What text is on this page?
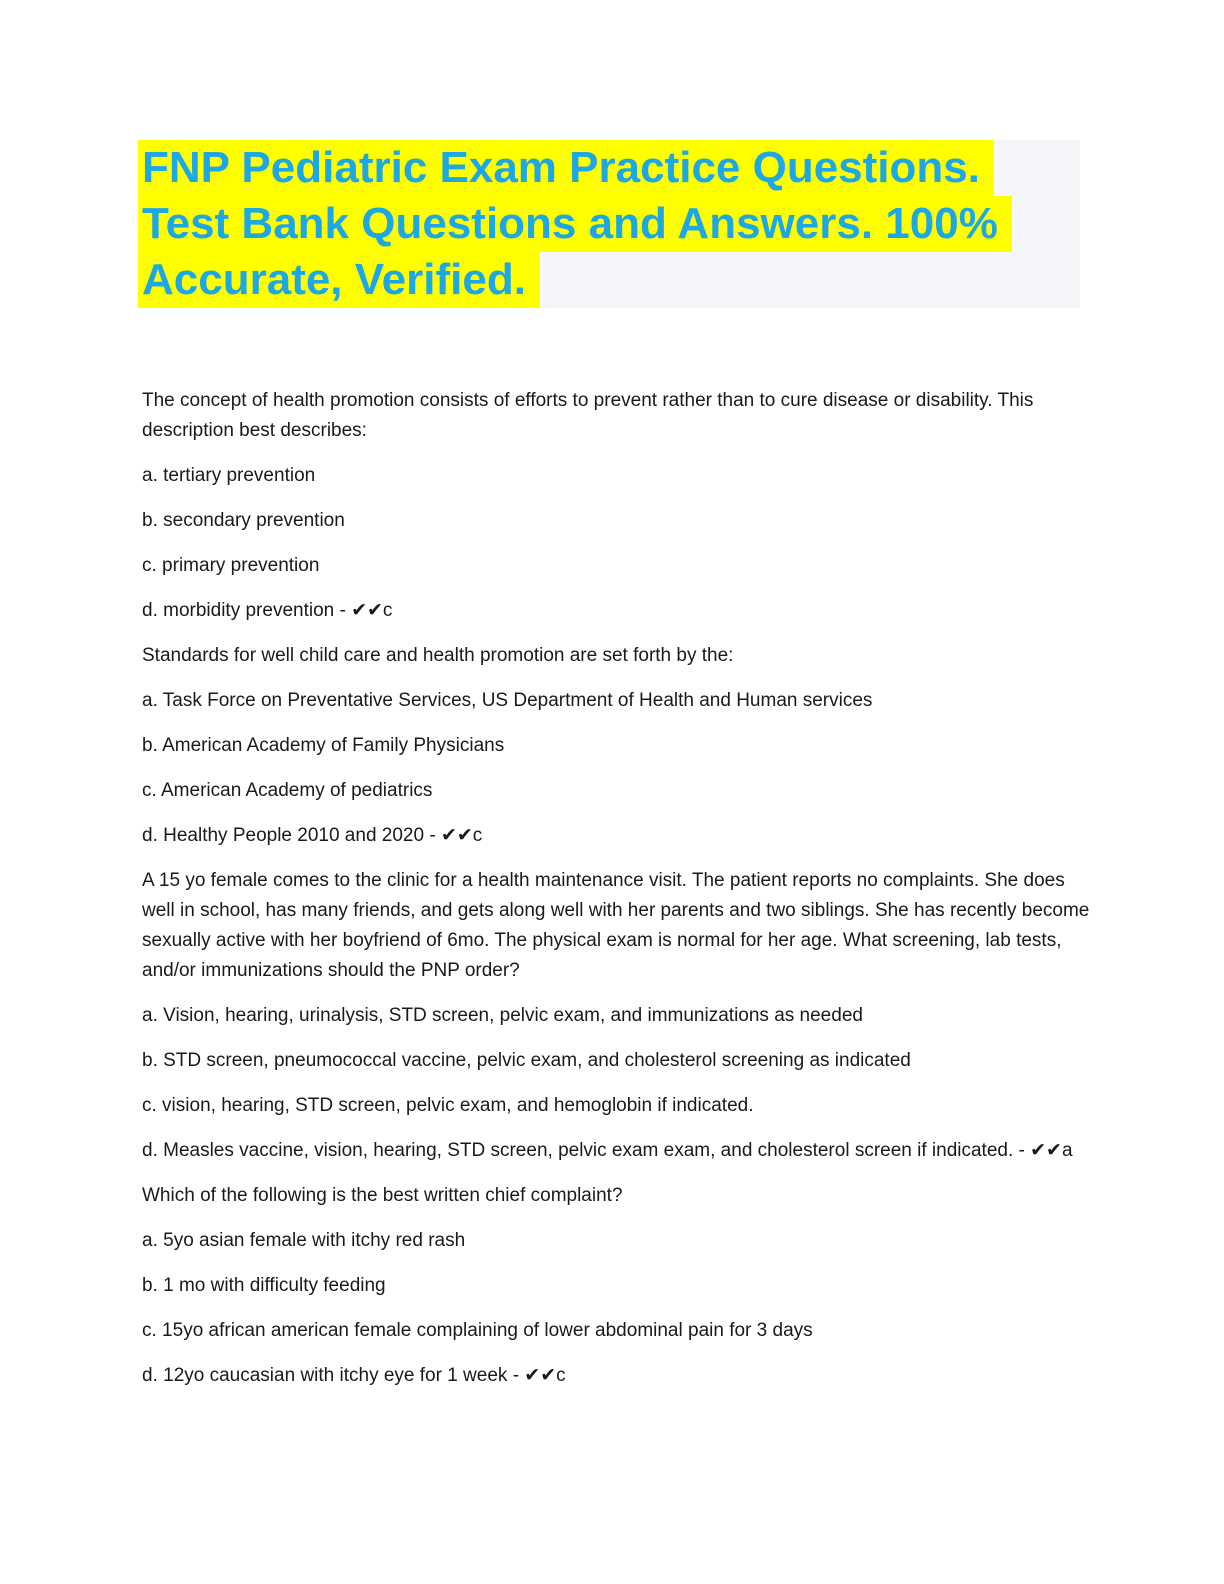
FNP Pediatric Exam Practice Questions.
Test Bank Questions and Answers. 100%
Accurate, Verified.

The concept of health promotion consists of efforts to prevent rather than to cure disease or disability. This description best describes:

a. tertiary prevention

b. secondary prevention

c. primary prevention

d. morbidity prevention - ✔✔c

Standards for well child care and health promotion are set forth by the:

a. Task Force on Preventative Services, US Department of Health and Human services

b. American Academy of Family Physicians

c. American Academy of pediatrics

d. Healthy People 2010 and 2020 - ✔✔c

A 15 yo female comes to the clinic for a health maintenance visit. The patient reports no complaints. She does well in school, has many friends, and gets along well with her parents and two siblings. She has recently become sexually active with her boyfriend of 6mo. The physical exam is normal for her age. What screening, lab tests, and/or immunizations should the PNP order?

a. Vision, hearing, urinalysis, STD screen, pelvic exam, and immunizations as needed

b. STD screen, pneumococcal vaccine, pelvic exam, and cholesterol screening as indicated

c. vision, hearing, STD screen, pelvic exam, and hemoglobin if indicated.

d. Measles vaccine, vision, hearing, STD screen, pelvic exam exam, and cholesterol screen if indicated. - ✔✔a

Which of the following is the best written chief complaint?

a. 5yo asian female with itchy red rash

b. 1 mo with difficulty feeding

c. 15yo african american female complaining of lower abdominal pain for 3 days

d. 12yo caucasian with itchy eye for 1 week - ✔✔c
